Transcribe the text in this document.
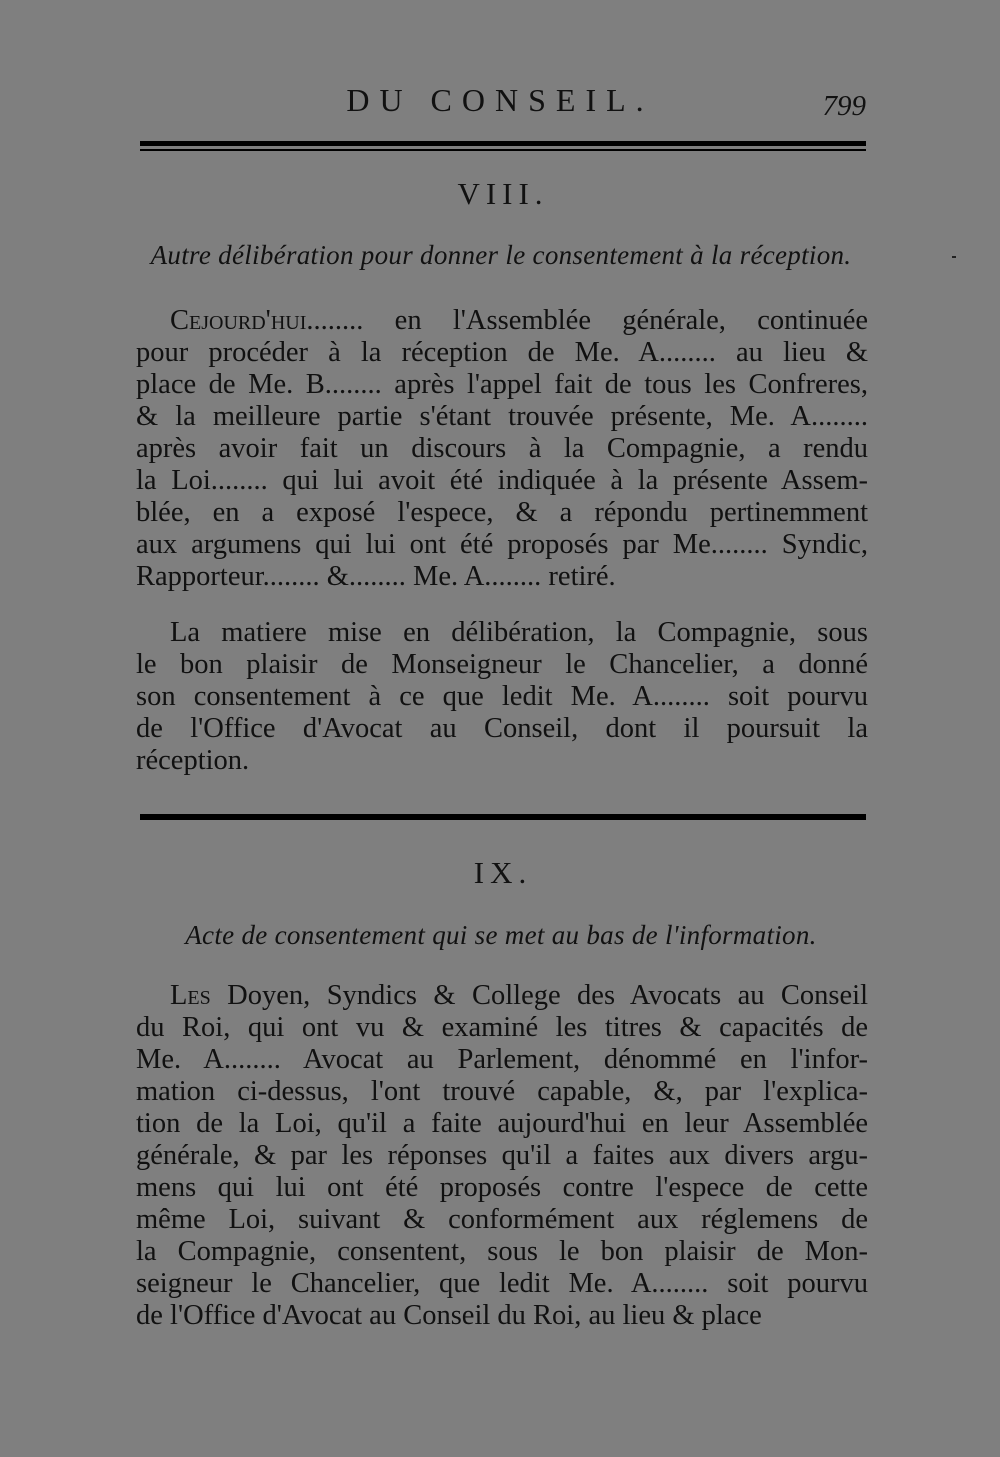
DU CONSEIL.	799
VIII.
Autre délibération pour donner le consentement à la réception.
Cejourd'hui........ en l'Assemblée générale, continuée
pour procéder à la réception de Me. A........ au lieu &
place de Me. B........ après l'appel fait de tous les Confreres,
& la meilleure partie s'étant trouvée présente, Me. A........
après avoir fait un discours à la Compagnie, a rendu
la Loi........ qui lui avoit été indiquée à la présente Assem-
blée, en a exposé l'espece, & a répondu pertinemment
aux argumens qui lui ont été proposés par Me........ Syndic,
Rapporteur........ &........ Me. A........ retiré.
La matiere mise en délibération, la Compagnie, sous
le bon plaisir de Monseigneur le Chancelier, a donné
son consentement à ce que ledit Me. A........ soit pourvu
de l'Office d'Avocat au Conseil, dont il poursuit la
réception.
IX.
Acte de consentement qui se met au bas de l'information.
Les Doyen, Syndics & College des Avocats au Conseil
du Roi, qui ont vu & examiné les titres & capacités de
Me. A........ Avocat au Parlement, dénommé en l'infor-
mation ci-dessus, l'ont trouvé capable, &, par l'explica-
tion de la Loi, qu'il a faite aujourd'hui en leur Assemblée
générale, & par les réponses qu'il a faites aux divers argu-
mens qui lui ont été proposés contre l'espece de cette
même Loi, suivant & conformément aux réglemens de
la Compagnie, consentent, sous le bon plaisir de Mon-
seigneur le Chancelier, que ledit Me. A........ soit pourvu
de l'Office d'Avocat au Conseil du Roi, au lieu & place
